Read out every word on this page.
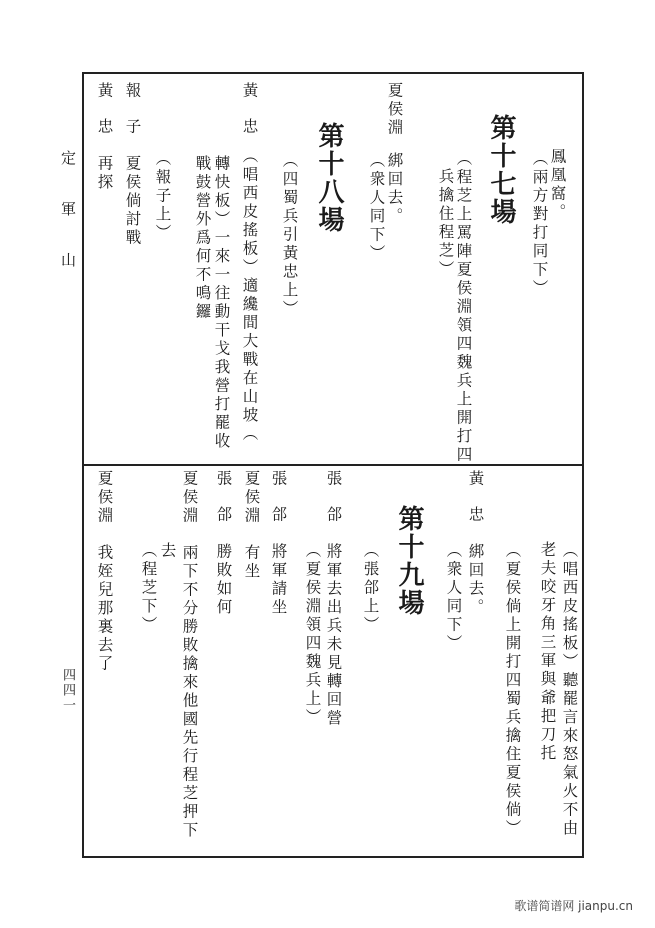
定軍山
四四一
鳳凰窩。
（兩方對打同下）
第十七場
（程芝上罵陣夏侯淵領四魏兵上開打四
兵擒住程芝）
夏侯淵
綁回去。
（衆人同下）
第十八場
（四蜀兵引黃忠上）
黃
忠　（唱西皮搖板）適纔間大戰在山坡（
轉快板）一來一往動干戈我營打罷收
戰鼓營外爲何不鳴鑼
報
子　夏侯倘討戰 （報子上）
黃
忠　再探
（唱西皮搖板）聽罷言來怒氣火不由
老夫咬牙角三軍與爺把刀托
（夏侯倘上開打四蜀兵擒住夏侯倘）
黃
忠　綁回去。
（衆人同下）
第十九場
（張郃上）
張
郃　將軍去出兵未見轉回營
（夏侯淵領四魏兵上）
張
郃　將軍請坐
夏侯淵　有坐
張
郃　勝敗如何
夏侯淵　兩下不分勝敗擒來他國先行程芝押下
去
（程芝下）
夏侯淵　我姪兒那裏去了
歌谱简谱网 jianpu.cn
